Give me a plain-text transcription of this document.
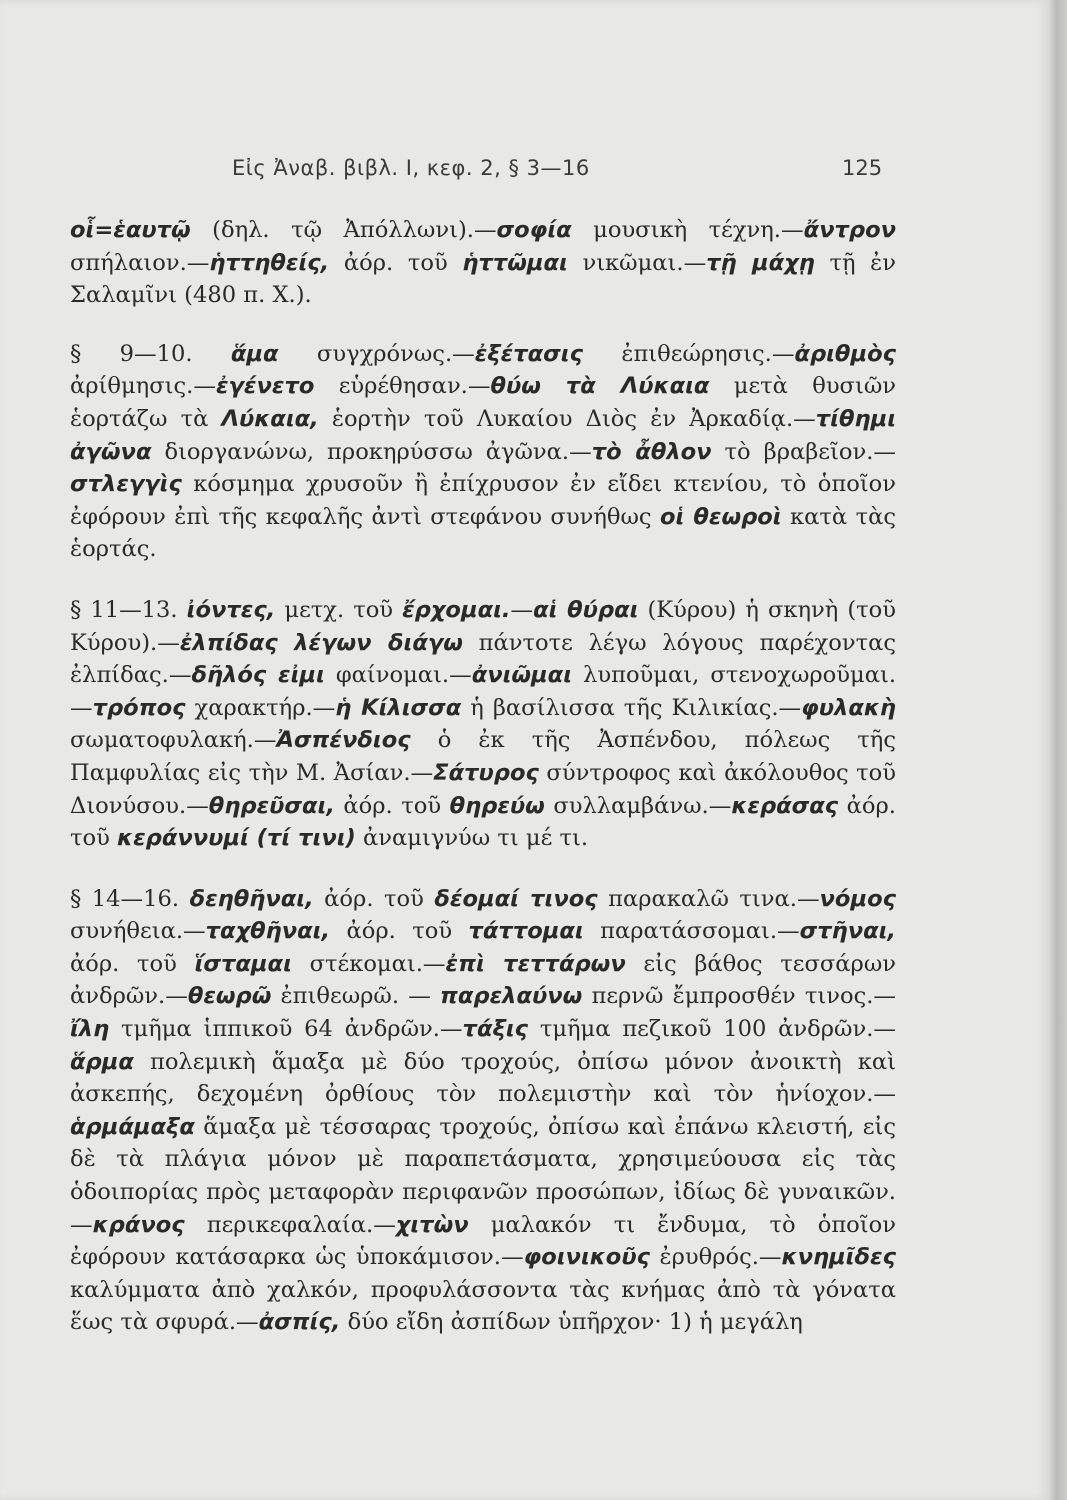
Εἰς Ἀναβ. βιβλ. I, κεφ. 2, § 3—16	125

οἷ=ἑαυτῷ (δηλ. τῷ Ἀπόλλωνι).—σοφία μουσικὴ τέχνη.—ἄντρον σπήλαιον.—ἡττηθείς, ἀόρ. τοῦ ἡττῶμαι νικῶμαι.—τῇ μάχῃ τῇ ἐν Σαλαμῖνι (480 π. Χ.).

§ 9—10. ἅμα συγχρόνως.—ἐξέτασις ἐπιθεώρησις.—ἀριθμὸς ἀρίθμησις.—ἐγένετο εὑρέθησαν.—θύω τὰ Λύκαια μετὰ θυσιῶν ἑορτάζω τὰ Λύκαια, ἑορτὴν τοῦ Λυκαίου Διὸς ἐν Ἀρκαδίᾳ.—τίθημι ἀγῶνα διοργανώνω, προκηρύσσω ἀγῶνα.—τὸ ἆθλον τὸ βραβεῖον.—στλεγγὶς κόσμημα χρυσοῦν ἢ ἐπίχρυσον ἐν εἴδει κτενίου, τὸ ὁποῖον ἐφόρουν ἐπὶ τῆς κεφαλῆς ἀντὶ στεφάνου συνήθως οἱ θεωροὶ κατὰ τὰς ἑορτάς.

§ 11—13. ἰόντες, μετχ. τοῦ ἔρχομαι.—αἱ θύραι (Κύρου) ἡ σκηνὴ (τοῦ Κύρου).—ἐλπίδας λέγων διάγω πάντοτε λέγω λόγους παρέχοντας ἐλπίδας.—δῆλός εἰμι φαίνομαι.—ἀνιῶμαι λυποῦμαι, στενοχωροῦμαι.—τρόπος χαρακτήρ.—ἡ Κίλισσα ἡ βασίλισσα τῆς Κιλικίας.—φυλακὴ σωματοφυλακή.—Ἀσπένδιος ὁ ἐκ τῆς Ἀσπένδου, πόλεως τῆς Παμφυλίας εἰς τὴν Μ. Ἀσίαν.—Σάτυρος σύντροφος καὶ ἀκόλουθος τοῦ Διονύσου.—θηρεῦσαι, ἀόρ. τοῦ θηρεύω συλλαμβάνω.—κεράσας ἀόρ. τοῦ κεράννυμί (τί τινι) ἀναμιγνύω τι μέ τι.

§ 14—16. δεηθῆναι, ἀόρ. τοῦ δέομαί τινος παρακαλῶ τινα.—νόμος συνήθεια.—ταχθῆναι, ἀόρ. τοῦ τάττομαι παρατάσσομαι.—στῆναι, ἀόρ. τοῦ ἵσταμαι στέκομαι.—ἐπὶ τεττάρων εἰς βάθος τεσσάρων ἀνδρῶν.—θεωρῶ ἐπιθεωρῶ. — παρελαύνω περνῶ ἔμπροσθέν τινος.—ἴλη τμῆμα ἱππικοῦ 64 ἀνδρῶν.—τάξις τμῆμα πεζικοῦ 100 ἀνδρῶν.—ἅρμα πολεμικὴ ἅμαξα μὲ δύο τροχούς, ὀπίσω μόνον ἀνοικτὴ καὶ ἀσκεπής, δεχομένη ὀρθίους τὸν πολεμιστὴν καὶ τὸν ἡνίοχον.—ἁρμάμαξα ἅμαξα μὲ τέσσαρας τροχούς, ὀπίσω καὶ ἐπάνω κλειστή, εἰς δὲ τὰ πλάγια μόνον μὲ παραπετάσματα, χρησιμεύουσα εἰς τὰς ὁδοιπορίας πρὸς μεταφορὰν περιφανῶν προσώπων, ἰδίως δὲ γυναικῶν.—κράνος περικεφαλαία.—χιτὼν μαλακόν τι ἔνδυμα, τὸ ὁποῖον ἐφόρουν κατάσαρκα ὡς ὑποκάμισον.—φοινικοῦς ἐρυθρός.—κνημῖδες καλύμματα ἀπὸ χαλκόν, προφυλάσσοντα τὰς κνήμας ἀπὸ τὰ γόνατα ἕως τὰ σφυρά.—ἀσπίς, δύο εἴδη ἀσπίδων ὑπῆρχον· 1) ἡ μεγάλη
